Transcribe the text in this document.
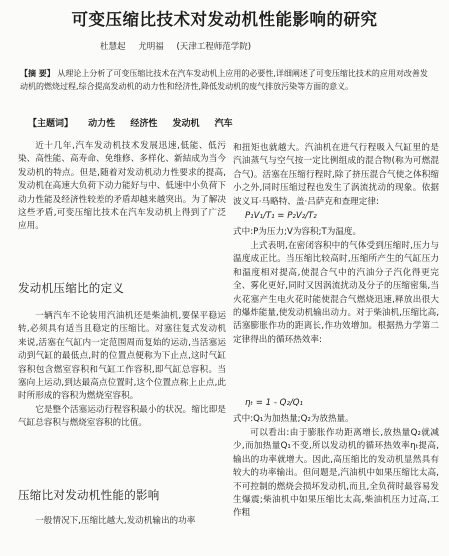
可变压缩比技术对发动机性能影响的研究
杜慧起 尤明福 (天津工程师范学院)
【摘 要】 从理论上分析了可变压缩比技术在汽车发动机上应用的必要性,详细阐述了可变压缩比技术的应用对改善发动机的燃烧过程,综合提高发动机的动力性和经济性,降低发动机的废气排放污染等方面的意义。
【主题词】 动力性 经济性 发动机 汽车

近十几年,汽车发动机技术发展迅速,低能、低污染、高性能、高寿命、免维修、多样化、新結成为当今发动机的特点。但是,随着对发动机动力性要求的提高,发动机在高速大负荷下动力能好与中、低速中小负荷下动力性能及经济性较差的矛盾却越来越突出。为了解决这些矛盾,可变压缩比技术在汽车发动机上得到了广泛应用。

发动机压缩比的定义

一辆汽车不论装用汽油机还是柴油机,要保平稳运转,必须具有适当且稳定的压缩比。对塞往复式发动机来说,活塞在气缸内一定范围周而复始的运动,当活塞运动到气缸的最低点,时的位置点便称为下止点,这时气缸容积包含燃室容积和气缸工作容积,即气缸总容积。当塞向上运动,到达最高点位置时,这个位置点称上止点,此时所形成的容积为燃烧室容积。

它是整个活塞运动行程容积最小的状况。缩比即是气缸总容积与燃烧室容积的比值。

压缩比对发动机性能的影响

一般情况下,压缩比越大,发动机输出的功率

和扭矩也就越大。汽油机在进气行程吸入气缸里的是汽油蒸气与空气按一定比例组成的混合物(称为可燃混合气)。活塞在压缩行程时,除了挤压混合气使之体积缩小之外,同时压缩过程也发生了涡流扰动的现象。依据波义耳·马略特、盖·吕萨克和查理定律:

P₁V₁/T₁ = P₂V₂/T₂

式中:P为压力;V为容积;T为温度。

上式表明,在密闭容积中的气体受到压缩时,压力与温度成正比。当压缩比较高时,压缩所产生的气缸压力和温度相对提高,使混合气中的汽油分子汽化得更完全、雾化更好,同时又因涡流扰动及分子的压缩密集,当火花塞产生电火花时能使混合气燃烧迅速,释放出很大的爆炸能量,使发动机输出动力。对于柴油机,压缩比高,活塞膨胀作功的距离长,作功效增加。根据热力学第二定律得出的循环热效率:

ηₜ = 1 - Q₂/Q₁

式中:Q₁为加热量;Q₂为放热量。

可以看出:由于膨胀作功距离增长,放热量Q₂就减少,而加热量Q₁不变,所以发动机的循环热效率ηₜ提高,输出的功率就增大。因此,高压缩比的发动机显然具有较大的功率输出。但问题是,汽油机中如果压缩比太高,不可控制的燃烧会损坏发动机,而且,全负荷时最容易发生爆震;柴油机中如果压缩比太高,柴油机压力过高,工作粗
